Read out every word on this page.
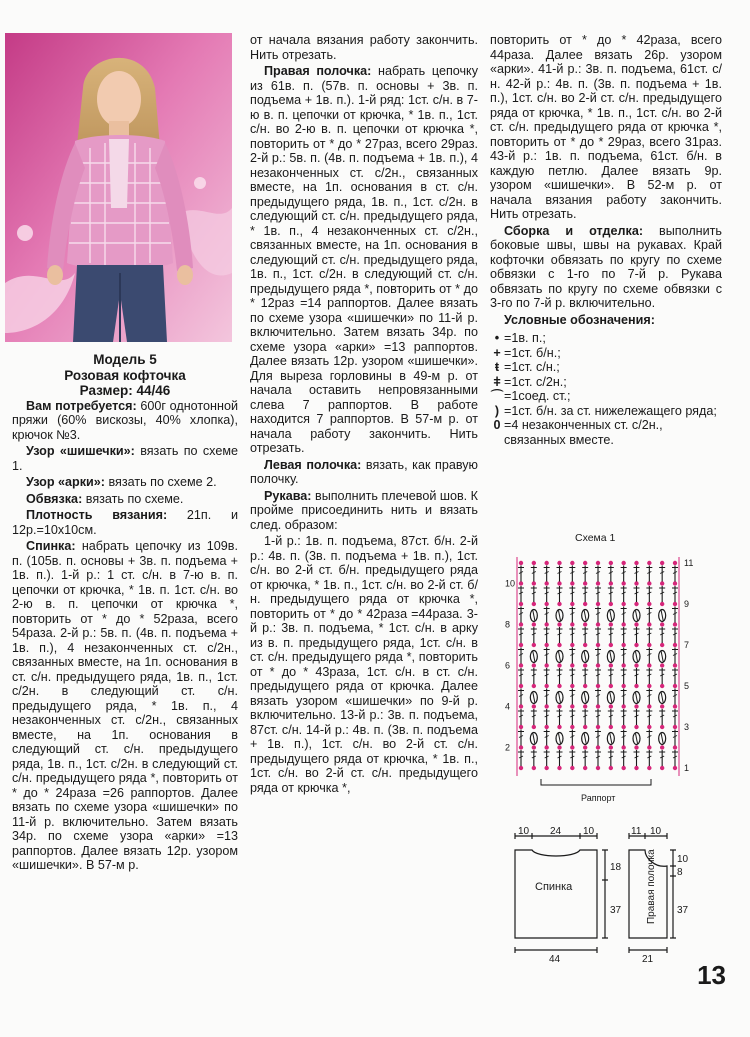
Модель 5
Розовая кофточка
Размер: 44/46

Вам потребуется: 600г однотонной пряжи (60% вискозы, 40% хлопка), крючок №3.

Узор «шишечки»: вязать по схеме 1.

Узор «арки»: вязать по схеме 2.

Обвязка: вязать по схеме.

Плотность вязания: 21п. и 12р.=10х10см.

Спинка: набрать цепочку из 109в. п. (105в. п. основы + 3в. п. подъема + 1в. п.). 1-й р.: 1 ст. с/н. в 7-ю в. п. цепочки от крючка, * 1в. п. 1ст. с/н. во 2-ю в. п. цепочки от крючка *, повторить от * до * 52раза, всего 54раза. 2-й р.: 5в. п. (4в. п. подъема + 1в. п.), 4 незаконченных ст. с/2н., связанных вместе, на 1п. основания в ст. с/н. предыдущего ряда, 1в. п., 1ст. с/2н. в следующий ст. с/н. предыдущего ряда, * 1в. п., 4 незаконченных ст. с/2н., связанных вместе, на 1п. основания в следующий ст. с/н. предыдущего ряда, 1в. п., 1ст. с/2н. в следующий ст. с/н. предыдущего ряда *, повторить от * до * 24раза =26 раппортов. Далее вязать по схеме узора «шишечки» по 11-й р. включительно. Затем вязать 34р. по схеме узора «арки» =13 раппортов. Далее вязать 12р. узором «шишечки». В 57-м р.

от начала вязания работу закончить. Нить отрезать.

Правая полочка: набрать цепочку из 61в. п. (57в. п. основы + 3в. п. подъема + 1в. п.). 1-й ряд: 1ст. с/н. в 7-ю в. п. цепочки от крючка, * 1в. п., 1ст. с/н. во 2-ю в. п. цепочки от крючка *, повторить от * до * 27раз, всего 29раз. 2-й р.: 5в. п. (4в. п. подъема + 1в. п.), 4 незаконченных ст. с/2н., связанных вместе, на 1п. основания в ст. с/н. предыдущего ряда, 1в. п., 1ст. с/2н. в следующий ст. с/н. предыдущего ряда, * 1в. п., 4 незаконченных ст. с/2н., связанных вместе, на 1п. основания в следующий ст. с/н. предыдущего ряда, 1в. п., 1ст. с/2н. в следующий ст. с/н. предыдущего ряда *, повторить от * до * 12раз =14 раппортов. Далее вязать по схеме узора «шишечки» по 11-й р. включительно. Затем вязать 34р. по схеме узора «арки» =13 раппортов. Далее вязать 12р. узором «шишечки». Для выреза горловины в 49-м р. от начала оставить непровязанными слева 7 раппортов. В работе находится 7 раппортов. В 57-м р. от начала работу закончить. Нить отрезать.

Левая полочка: вязать, как правую полочку.

Рукава: выполнить плечевой шов. К пройме присоединить нить и вязать след. образом:

1-й р.: 1в. п. подъема, 87ст. б/н. 2-й р.: 4в. п. (3в. п. подъема + 1в. п.), 1ст. с/н. во 2-й ст. б/н. предыдущего ряда от крючка, * 1в. п., 1ст. с/н. во 2-й ст. б/н. предыдущего ряда от крючка *, повторить от * до * 42раза =44раза. 3-й р.: 3в. п. подъема, * 1ст. с/н. в арку из в. п. предыдущего ряда, 1ст. с/н. в ст. с/н. предыдущего ряда *, повторить от * до * 43раза, 1ст. с/н. в ст. с/н. предыдущего ряда от крючка. Далее вязать узором «шишечки» по 9-й р. включительно. 13-й р.: 3в. п. подъема, 87ст. с/н. 14-й р.: 4в. п. (3в. п. подъема + 1в. п.), 1ст. с/н. во 2-й ст. с/н. предыдущего ряда от крючка, * 1в. п., 1ст. с/н. во 2-й ст. с/н. предыдущего ряда от крючка *,

повторить от * до * 42раза, всего 44раза. Далее вязать 26р. узором «арки». 41-й р.: 3в. п. подъема, 61ст. с/н. 42-й р.: 4в. п. (3в. п. подъема + 1в. п.), 1ст. с/н. во 2-й ст. с/н. предыдущего ряда от крючка, * 1в. п., 1ст. с/н. во 2-й ст. с/н. предыдущего ряда от крючка *, повторить от * до * 29раз, всего 31раз. 43-й р.: 1в. п. подъема, 61ст. б/н. в каждую петлю. Далее вязать 9р. узором «шишечки». В 52-м р. от начала вязания работу закончить. Нить отрезать.

Сборка и отделка: выполнить боковые швы, швы на рукавах. Край кофточки обвязать по кругу по схеме обвязки с 1-го по 7-й р. Рукава обвязать по кругу по схеме обвязки с 3-го по 7-й р. включительно.

Условные обозначения:

• =1в. п.;
+ =1ст. б/н.;
ŧ =1ст. с/н.;
ǂ =1ст. с/2н.;
⌒ =1соед. ст.;
) =1ст. б/н. за ст. нижележащего ряда;
0 =4 незаконченных ст. с/2н., связанных вместе.
Схема 1
1
3
5
7
9
11
2
4
6
8
10
Раппорт
10 24 10
18
37
44
Спинка
11 10
10
8
37
21
Правая полочка
13
